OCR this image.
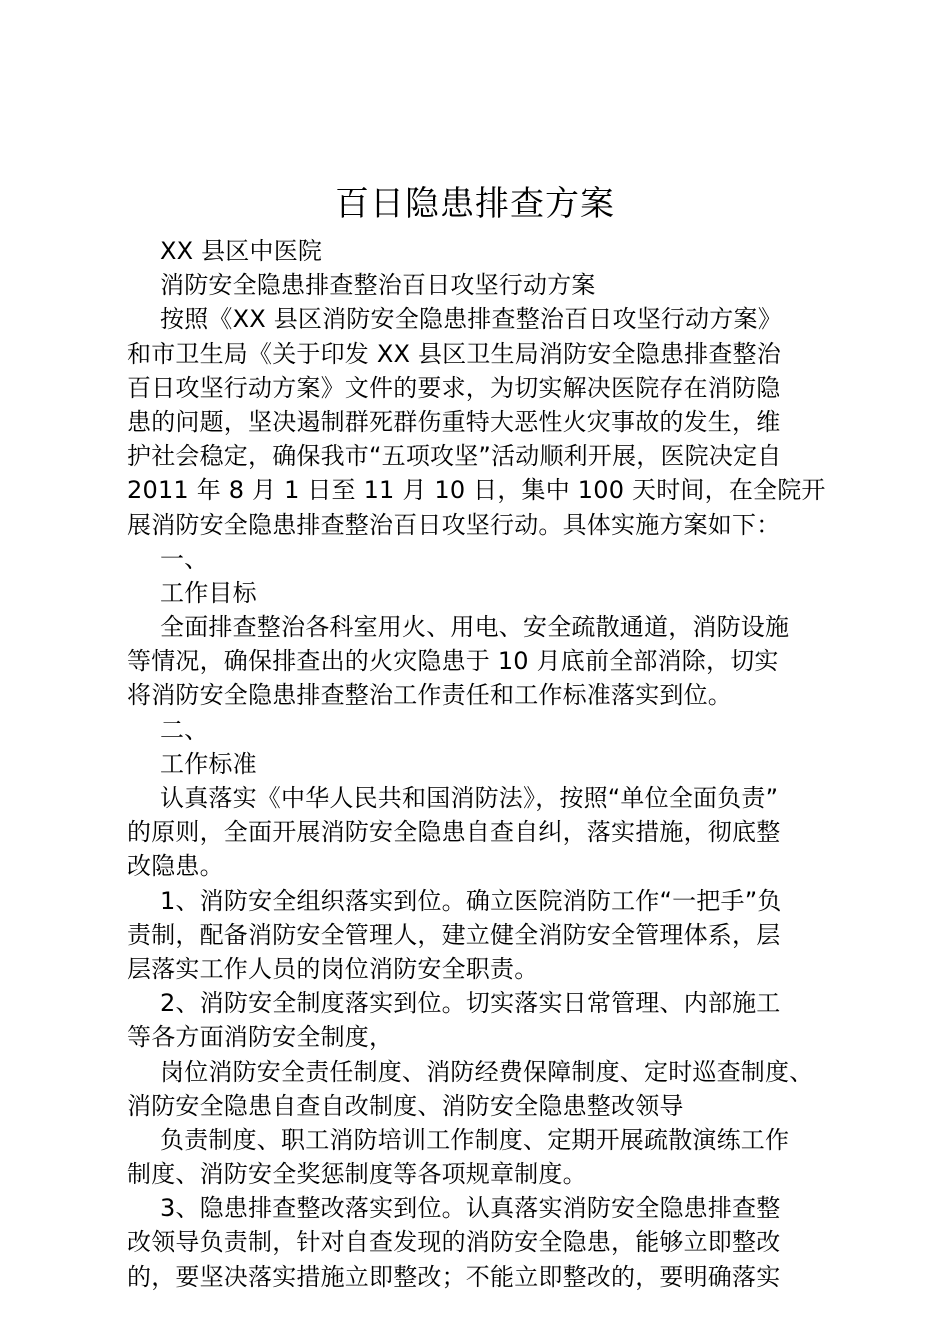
百日隐患排查方案
XX 县区中医院
消防安全隐患排查整治百日攻坚行动方案
按照《XX 县区消防安全隐患排查整治百日攻坚行动方案》
和市卫生局《关于印发 XX 县区卫生局消防安全隐患排查整治
百日攻坚行动方案》文件的要求，为切实解决医院存在消防隐
患的问题，坚决遏制群死群伤重特大恶性火灾事故的发生，维
护社会稳定，确保我市“五项攻坚”活动顺利开展，医院决定自
2011 年 8 月 1 日至 11 月 10 日，集中 100 天时间，在全院开
展消防安全隐患排查整治百日攻坚行动。具体实施方案如下：
一、
工作目标
全面排查整治各科室用火、用电、安全疏散通道，消防设施
等情况，确保排查出的火灾隐患于 10 月底前全部消除，切实
将消防安全隐患排查整治工作责任和工作标准落实到位。
二、
工作标准
认真落实《中华人民共和国消防法》，按照“单位全面负责”
的原则，全面开展消防安全隐患自查自纠，落实措施，彻底整
改隐患。
1、消防安全组织落实到位。确立医院消防工作“一把手”负
责制，配备消防安全管理人，建立健全消防安全管理体系，层
层落实工作人员的岗位消防安全职责。
2、消防安全制度落实到位。切实落实日常管理、内部施工
等各方面消防安全制度，
岗位消防安全责任制度、消防经费保障制度、定时巡查制度、
消防安全隐患自查自改制度、消防安全隐患整改领导
负责制度、职工消防培训工作制度、定期开展疏散演练工作
制度、消防安全奖惩制度等各项规章制度。
3、隐患排查整改落实到位。认真落实消防安全隐患排查整
改领导负责制，针对自查发现的消防安全隐患，能够立即整改
的，要坚决落实措施立即整改；不能立即整改的，要明确落实
